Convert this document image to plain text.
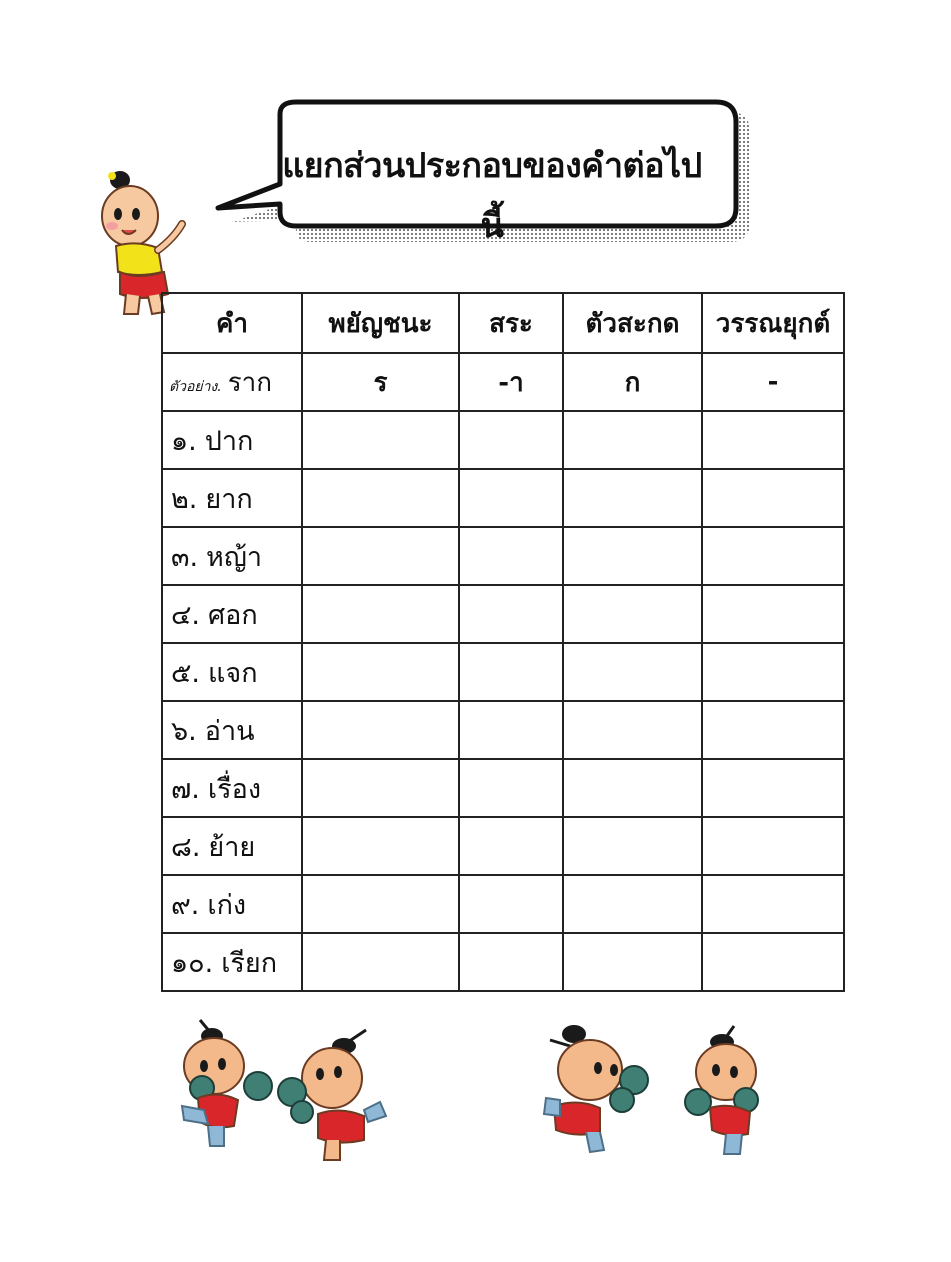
แยกส่วนประกอบของคำต่อไปนี้
คำ	พยัญชนะ	สระ	ตัวสะกด	วรรณยุกต์
ตัวอย่าง. ราก	ร	-า	ก	-
๑. ปาก				
๒. ยาก				
๓. หญ้า				
๔. ศอก				
๕. แจก				
๖. อ่าน				
๗. เรื่อง				
๘. ย้าย				
๙. เก่ง				
๑๐. เรียก				
